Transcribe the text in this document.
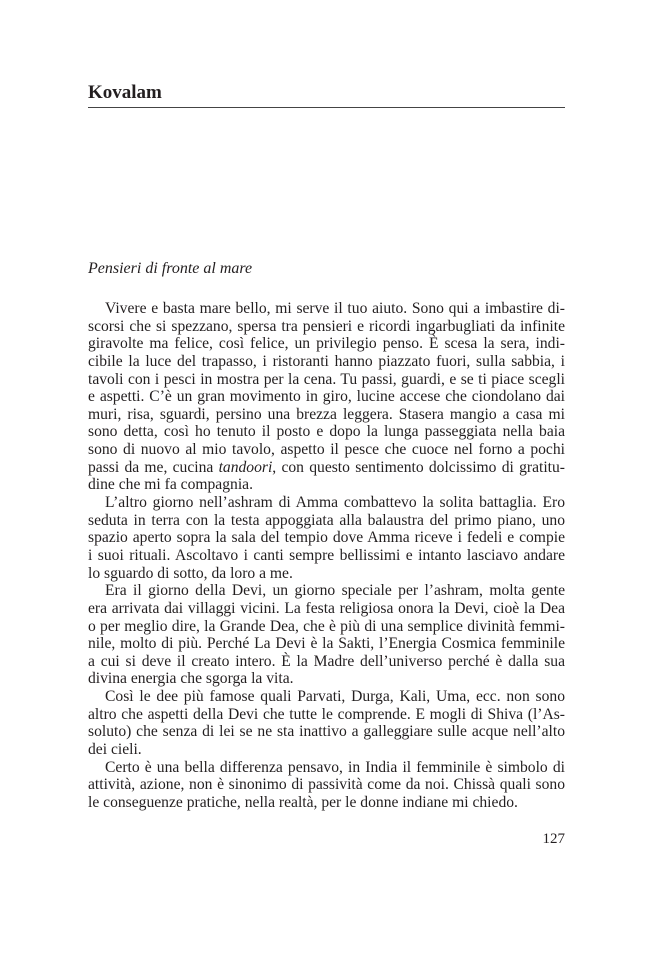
Kovalam
Pensieri di fronte al mare
Vivere e basta mare bello, mi serve il tuo aiuto. Sono qui a imbastire di-
scorsi che si spezzano, spersa tra pensieri e ricordi ingarbugliati da infinite
giravolte ma felice, così felice, un privilegio penso. È scesa la sera, indi-
cibile la luce del trapasso, i ristoranti hanno piazzato fuori, sulla sabbia, i
tavoli con i pesci in mostra per la cena. Tu passi, guardi, e se ti piace scegli
e aspetti. C’è un gran movimento in giro, lucine accese che ciondolano dai
muri, risa, sguardi, persino una brezza leggera. Stasera mangio a casa mi
sono detta, così ho tenuto il posto e dopo la lunga passeggiata nella baia
sono di nuovo al mio tavolo, aspetto il pesce che cuoce nel forno a pochi
passi da me, cucina tandoori, con questo sentimento dolcissimo di gratitu-
dine che mi fa compagnia.
L’altro giorno nell’ashram di Amma combattevo la solita battaglia. Ero
seduta in terra con la testa appoggiata alla balaustra del primo piano, uno
spazio aperto sopra la sala del tempio dove Amma riceve i fedeli e compie
i suoi rituali. Ascoltavo i canti sempre bellissimi e intanto lasciavo andare
lo sguardo di sotto, da loro a me.
Era il giorno della Devi, un giorno speciale per l’ashram, molta gente
era arrivata dai villaggi vicini. La festa religiosa onora la Devi, cioè la Dea
o per meglio dire, la Grande Dea, che è più di una semplice divinità femmi-
nile, molto di più. Perché La Devi è la Sakti, l’Energia Cosmica femminile
a cui si deve il creato intero. È la Madre dell’universo perché è dalla sua
divina energia che sgorga la vita.
Così le dee più famose quali Parvati, Durga, Kali, Uma, ecc. non sono
altro che aspetti della Devi che tutte le comprende. E mogli di Shiva (l’As-
soluto) che senza di lei se ne sta inattivo a galleggiare sulle acque nell’alto
dei cieli.
Certo è una bella differenza pensavo, in India il femminile è simbolo di
attività, azione, non è sinonimo di passività come da noi. Chissà quali sono
le conseguenze pratiche, nella realtà, per le donne indiane mi chiedo.
127
